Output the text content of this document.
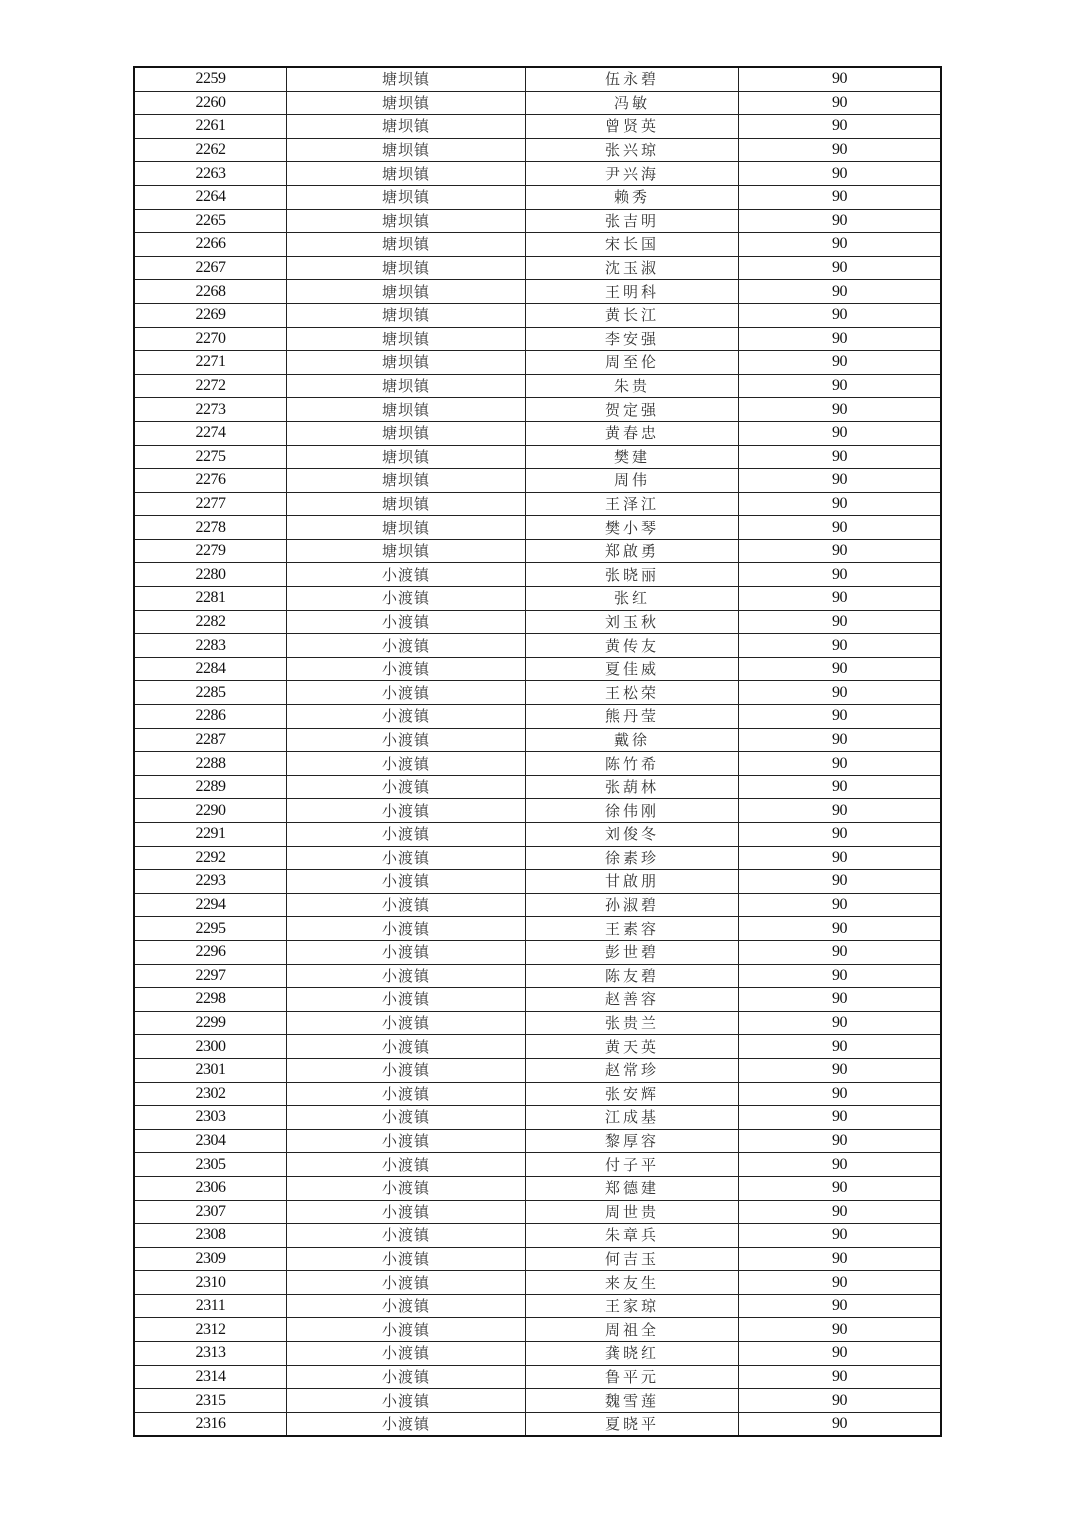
2259	塘坝镇	伍永碧	90
2260	塘坝镇	冯敏	90
2261	塘坝镇	曾贤英	90
2262	塘坝镇	张兴琼	90
2263	塘坝镇	尹兴海	90
2264	塘坝镇	赖秀	90
2265	塘坝镇	张吉明	90
2266	塘坝镇	宋长国	90
2267	塘坝镇	沈玉淑	90
2268	塘坝镇	王明科	90
2269	塘坝镇	黄长江	90
2270	塘坝镇	李安强	90
2271	塘坝镇	周至伦	90
2272	塘坝镇	朱贵	90
2273	塘坝镇	贺定强	90
2274	塘坝镇	黄春忠	90
2275	塘坝镇	樊建	90
2276	塘坝镇	周伟	90
2277	塘坝镇	王泽江	90
2278	塘坝镇	樊小琴	90
2279	塘坝镇	郑啟勇	90
2280	小渡镇	张晓丽	90
2281	小渡镇	张红	90
2282	小渡镇	刘玉秋	90
2283	小渡镇	黄传友	90
2284	小渡镇	夏佳威	90
2285	小渡镇	王松荣	90
2286	小渡镇	熊丹莹	90
2287	小渡镇	戴徐	90
2288	小渡镇	陈竹希	90
2289	小渡镇	张葫林	90
2290	小渡镇	徐伟刚	90
2291	小渡镇	刘俊冬	90
2292	小渡镇	徐素珍	90
2293	小渡镇	甘啟朋	90
2294	小渡镇	孙淑碧	90
2295	小渡镇	王素容	90
2296	小渡镇	彭世碧	90
2297	小渡镇	陈友碧	90
2298	小渡镇	赵善容	90
2299	小渡镇	张贵兰	90
2300	小渡镇	黄天英	90
2301	小渡镇	赵常珍	90
2302	小渡镇	张安辉	90
2303	小渡镇	江成基	90
2304	小渡镇	黎厚容	90
2305	小渡镇	付子平	90
2306	小渡镇	郑德建	90
2307	小渡镇	周世贵	90
2308	小渡镇	朱章兵	90
2309	小渡镇	何吉玉	90
2310	小渡镇	来友生	90
2311	小渡镇	王家琼	90
2312	小渡镇	周祖全	90
2313	小渡镇	龚晓红	90
2314	小渡镇	鲁平元	90
2315	小渡镇	魏雪莲	90
2316	小渡镇	夏晓平	90
